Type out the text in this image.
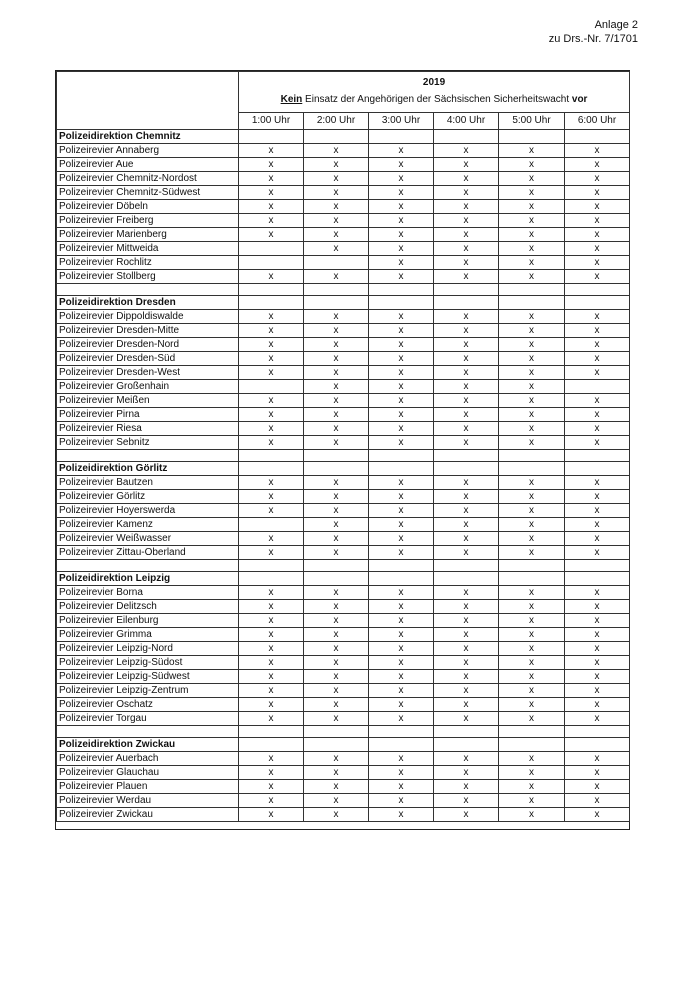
Anlage 2
zu Drs.-Nr. 7/1701
	2019					
	Kein Einsatz der Angehörigen der Sächsischen Sicherheitswacht vor					
	1:00 Uhr	2:00 Uhr	3:00 Uhr	4:00 Uhr	5:00 Uhr	6:00 Uhr
Polizeidirektion Chemnitz						
Polizeirevier Annaberg	x	x	x	x	x	x
Polizeirevier Aue	x	x	x	x	x	x
Polizeirevier Chemnitz-Nordost	x	x	x	x	x	x
Polizeirevier Chemnitz-Südwest	x	x	x	x	x	x
Polizeirevier Döbeln	x	x	x	x	x	x
Polizeirevier Freiberg	x	x	x	x	x	x
Polizeirevier Marienberg	x	x	x	x	x	x
Polizeirevier Mittweida		x	x	x	x	x
Polizeirevier Rochlitz			x	x	x	x
Polizeirevier Stollberg	x	x	x	x	x	x

Polizeidirektion Dresden						
Polizeirevier Dippoldiswalde	x	x	x	x	x	x
Polizeirevier Dresden-Mitte	x	x	x	x	x	x
Polizeirevier Dresden-Nord	x	x	x	x	x	x
Polizeirevier Dresden-Süd	x	x	x	x	x	x
Polizeirevier Dresden-West	x	x	x	x	x	x
Polizeirevier Großenhain		x	x	x	x	
Polizeirevier Meißen	x	x	x	x	x	x
Polizeirevier Pirna	x	x	x	x	x	x
Polizeirevier Riesa	x	x	x	x	x	x
Polizeirevier Sebnitz	x	x	x	x	x	x

Polizeidirektion Görlitz						
Polizeirevier Bautzen	x	x	x	x	x	x
Polizeirevier Görlitz	x	x	x	x	x	x
Polizeirevier Hoyerswerda	x	x	x	x	x	x
Polizeirevier Kamenz		x	x	x	x	x
Polizeirevier Weißwasser	x	x	x	x	x	x
Polizeirevier Zittau-Oberland	x	x	x	x	x	x

Polizeidirektion Leipzig						
Polizeirevier Borna	x	x	x	x	x	x
Polizeirevier Delitzsch	x	x	x	x	x	x
Polizeirevier Eilenburg	x	x	x	x	x	x
Polizeirevier Grimma	x	x	x	x	x	x
Polizeirevier Leipzig-Nord	x	x	x	x	x	x
Polizeirevier Leipzig-Südost	x	x	x	x	x	x
Polizeirevier Leipzig-Südwest	x	x	x	x	x	x
Polizeirevier Leipzig-Zentrum	x	x	x	x	x	x
Polizeirevier Oschatz	x	x	x	x	x	x
Polizeirevier Torgau	x	x	x	x	x	x

Polizeidirektion Zwickau						
Polizeirevier Auerbach	x	x	x	x	x	x
Polizeirevier Glauchau	x	x	x	x	x	x
Polizeirevier Plauen	x	x	x	x	x	x
Polizeirevier Werdau	x	x	x	x	x	x
Polizeirevier Zwickau	x	x	x	x	x	x
